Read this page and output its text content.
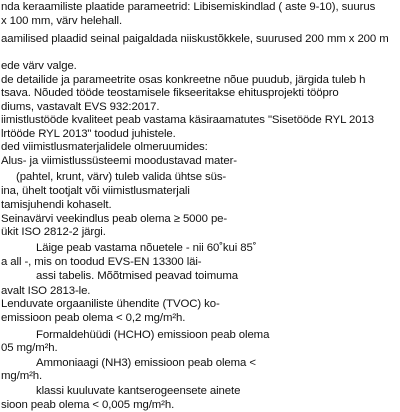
nda keraamiliste plaatide parameetrid: Libisemiskindlad ( aste 9-10), suurus
x 100 mm, värv helehall.
aamilised plaadid seinal paigaldada niiskustõkkele, suurused 200 mm x 200 m
ede värv valge.
de detailide ja parameetrite osas konkreetne nõue puudub, järgida tuleb h
tsava. Nõuded tööde teostamisele fikseeritakse ehitusprojekti tööpro
diums, vastavalt EVS 932:2017.
iimistlustööde kvaliteet peab vastama käsiraamatutes "Sisetööde RYL 2013
lrtööde RYL 2013" toodud juhistele.
ded viimistlusmaterjalidele olmeruumides:
Alus- ja viimistlussüsteemi moodustavad mater-
(pahtel, krunt, värv) tuleb valida ühtse süs-
ina, ühelt tootjalt või viimistlusmaterjali
tamisjuhendi kohaselt.
Seinavärvi veekindlus peab olema ≥ 5000 pe-
ükit ISO 2812-2 järgi.
Läige peab vastama nõuetele - nii 60˚kui 85˚
a all -, mis on toodud EVS-EN 13300 läi-
assi tabelis. Mõõtmised peavad toimuma
avalt ISO 2813-le.
Lenduvate orgaaniliste ühendite (TVOC) ko-
emissioon peab olema < 0,2 mg/m²h.
Formaldehüüdi (HCHO) emissioon peab olema
05 mg/m²h.
Ammoniaagi (NH3) emissioon peab olema <
mg/m²h.
klassi kuuluvate kantserogeensete ainete
sioon peab olema < 0,005 mg/m²h.
